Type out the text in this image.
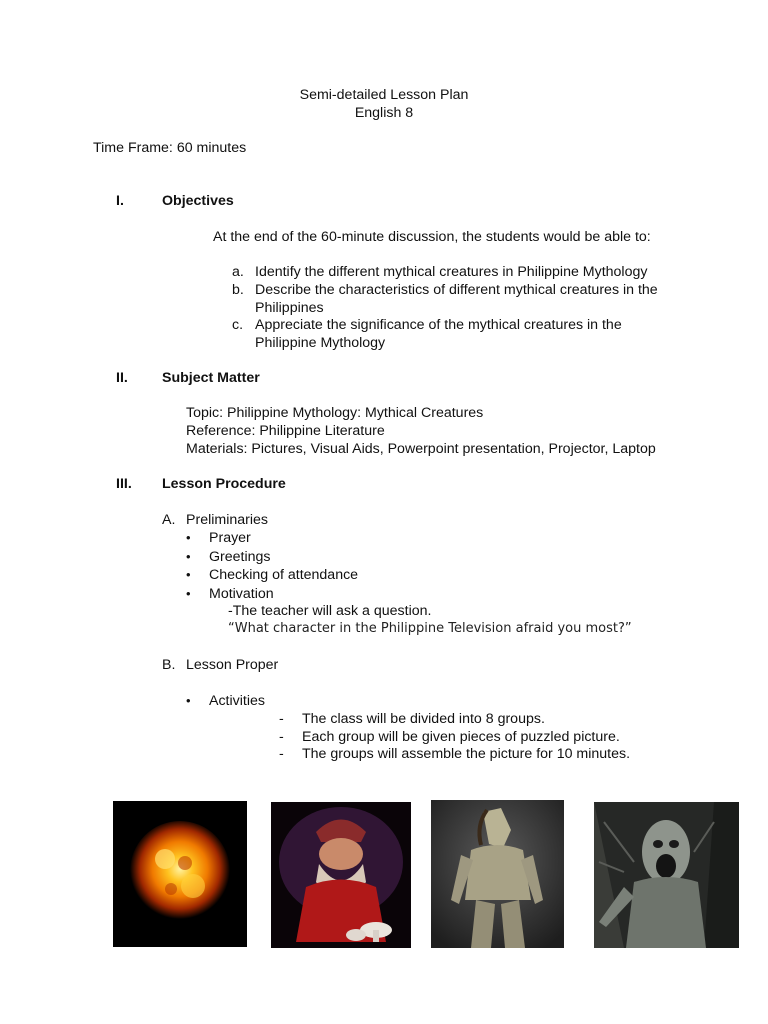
Semi-detailed Lesson Plan
English 8
Time Frame: 60 minutes
I.	Objectives
At the end of the 60-minute discussion, the students would be able to:
a. Identify the different mythical creatures in Philippine Mythology
b. Describe the characteristics of different mythical creatures in the
Philippines
c. Appreciate the significance of the mythical creatures in the
Philippine Mythology
II. Subject Matter
Topic: Philippine Mythology: Mythical Creatures
Reference: Philippine Literature
Materials: Pictures, Visual Aids, Powerpoint presentation, Projector, Laptop
III. Lesson Procedure
A. Preliminaries
• Prayer
• Greetings
• Checking of attendance
• Motivation
-The teacher will ask a question.
“What character in the Philippine Television afraid you most?”
B. Lesson Proper
• Activities
- The class will be divided into 8 groups.
- Each group will be given pieces of puzzled picture.
- The groups will assemble the picture for 10 minutes.
